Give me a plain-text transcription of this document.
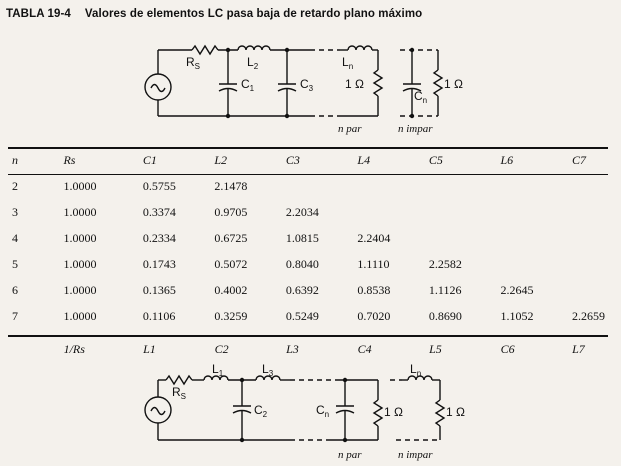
TABLA 19-4 Valores de elementos LC pasa baja de retardo plano máximo
$R_S$	$L_2$
$C_1$	$C_3$
$L_n$
1 Ω
$C_n$
1 Ω
n par	n impar
n	Rs	C1	L2	C3	L4	C5	L6	C7
2	1.0000	0.5755	2.1478					
3	1.0000	0.3374	0.9705	2.2034				
4	1.0000	0.2334	0.6725	1.0815	2.2404			
5	1.0000	0.1743	0.5072	0.8040	1.1110	2.2582		
6	1.0000	0.1365	0.4002	0.6392	0.8538	1.1126	2.2645	
7	1.0000	0.1106	0.3259	0.5249	0.7020	0.8690	1.1052	2.2659
	1/Rs	L1	C2	L3	C4	L5	C6	L7
$R_S$
$L_1$	$L_3$
$C_2$	$C_n$
$L_n$
1 Ω	1 Ω
n par	n impar
